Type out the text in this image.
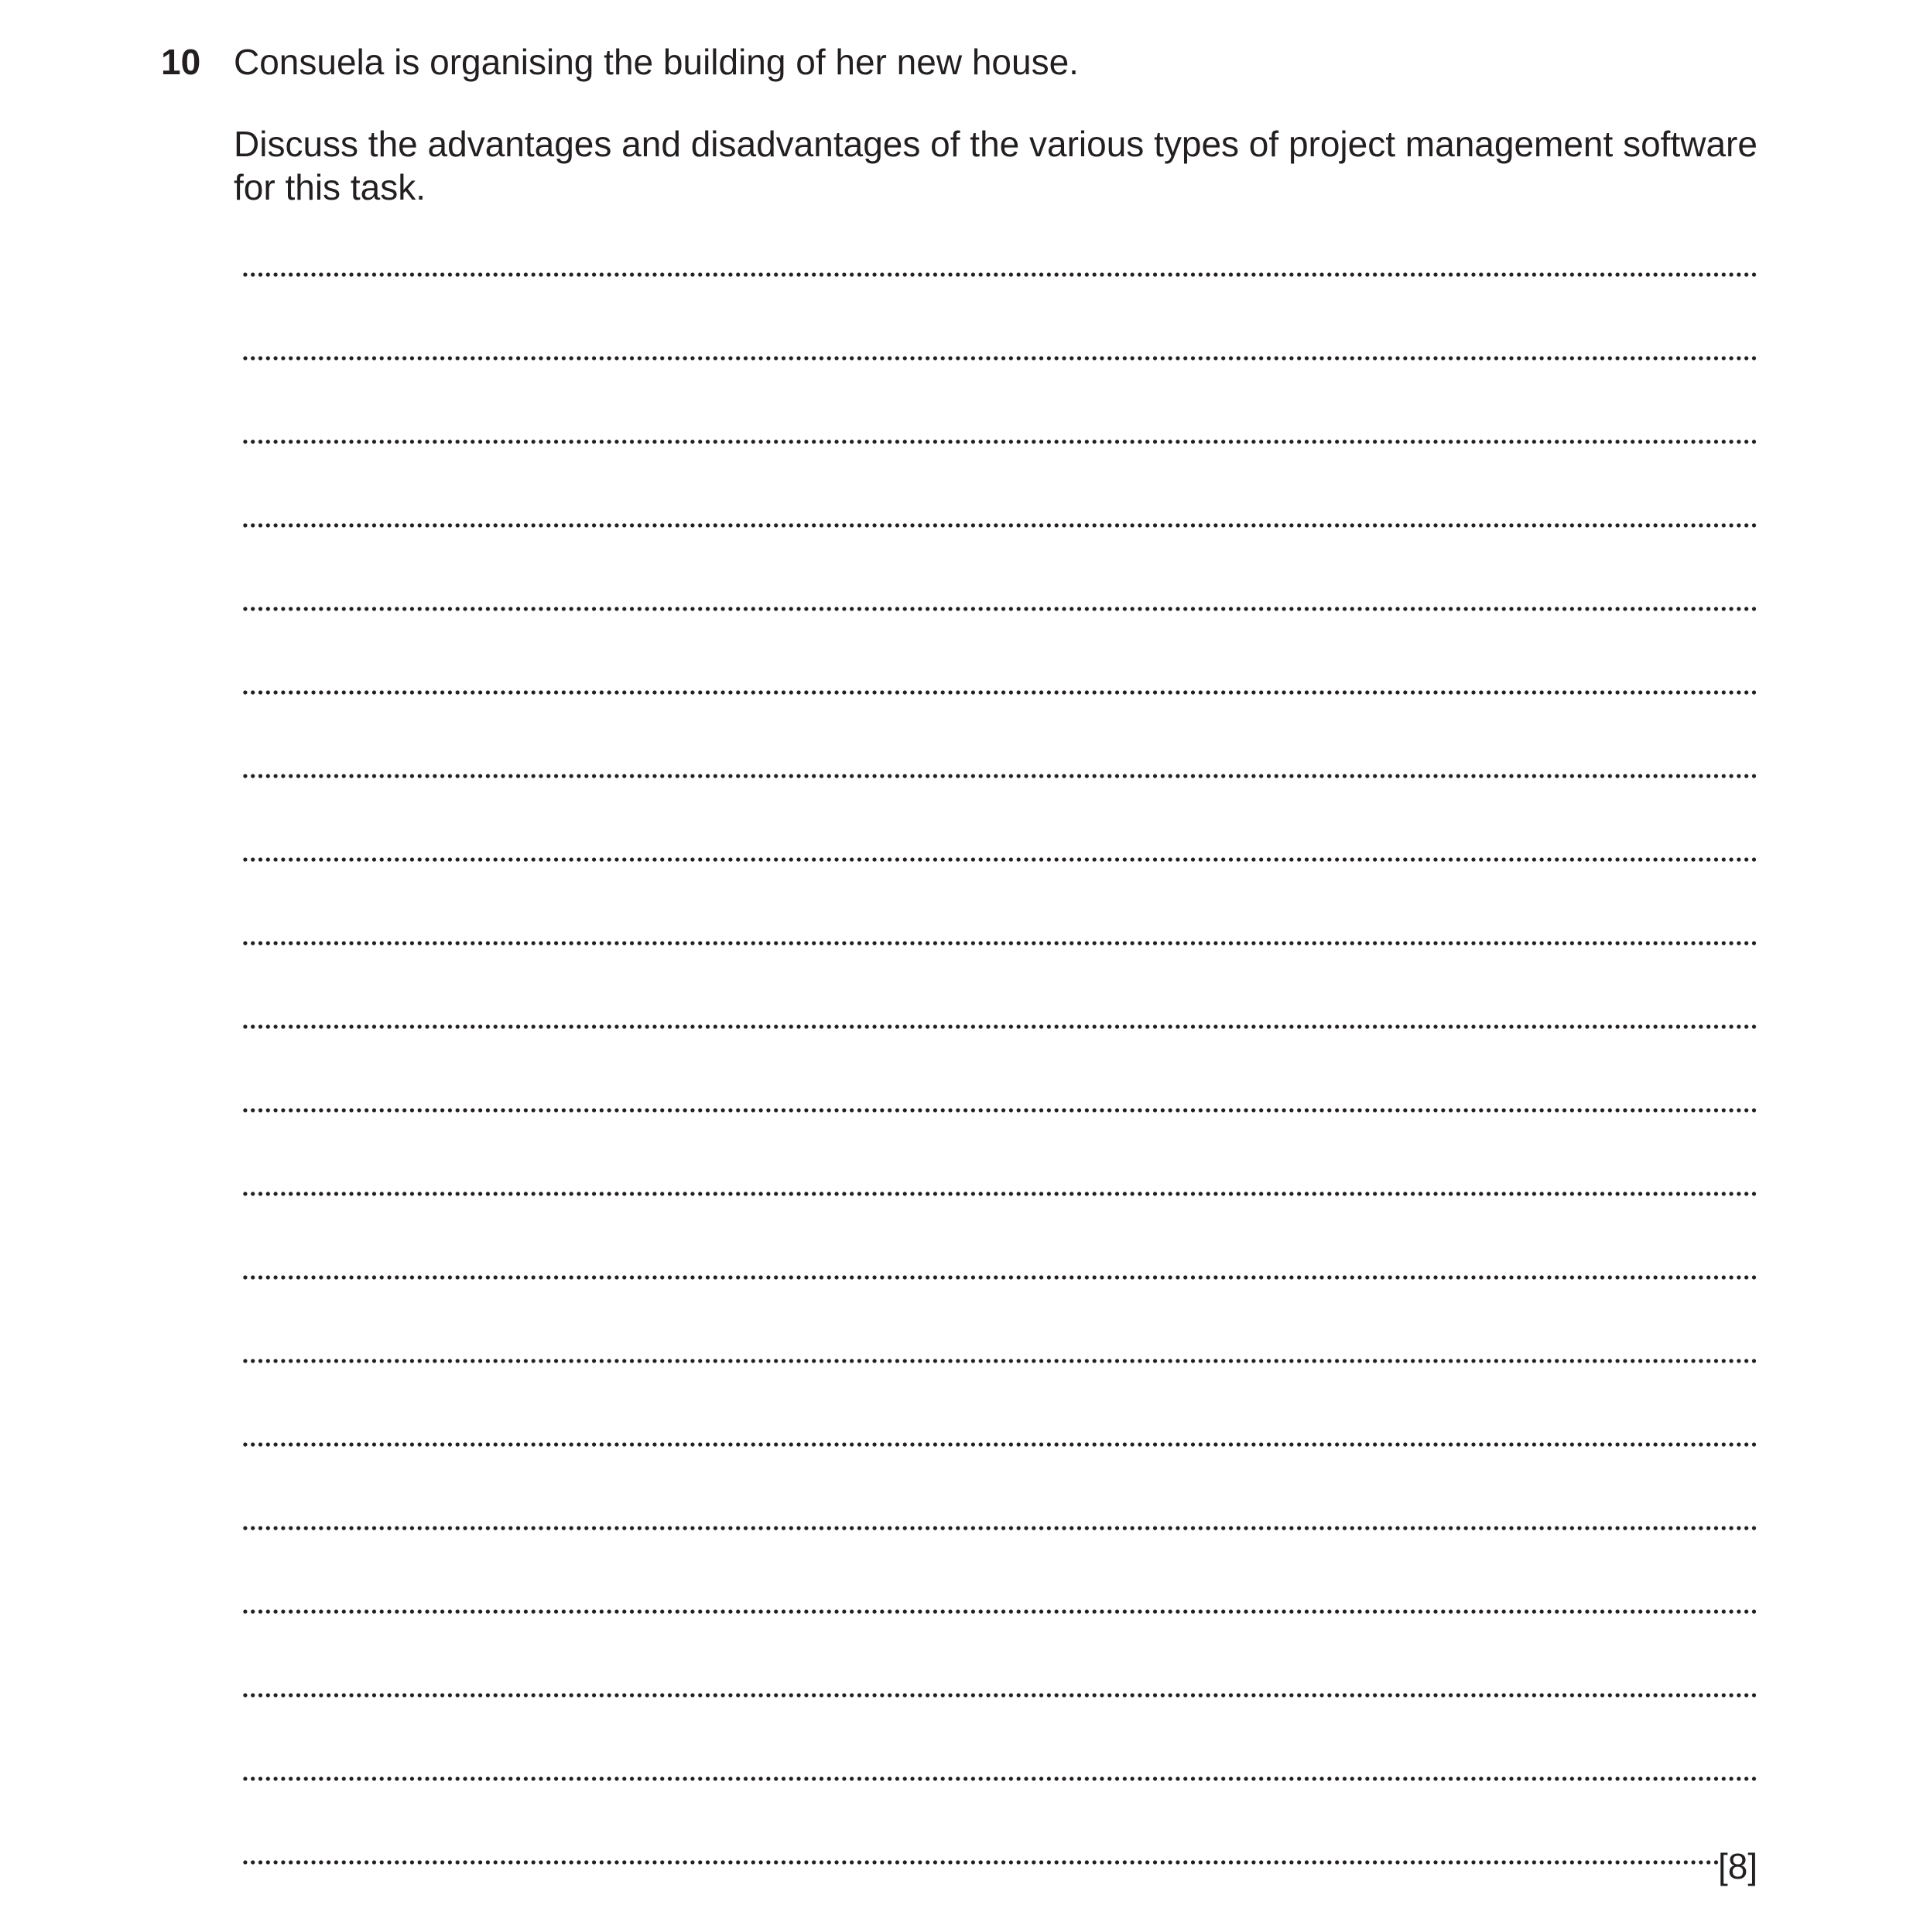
10 Consuela is organising the building of her new house.
Discuss the advantages and disadvantages of the various types of project management software for this task.
[8]
